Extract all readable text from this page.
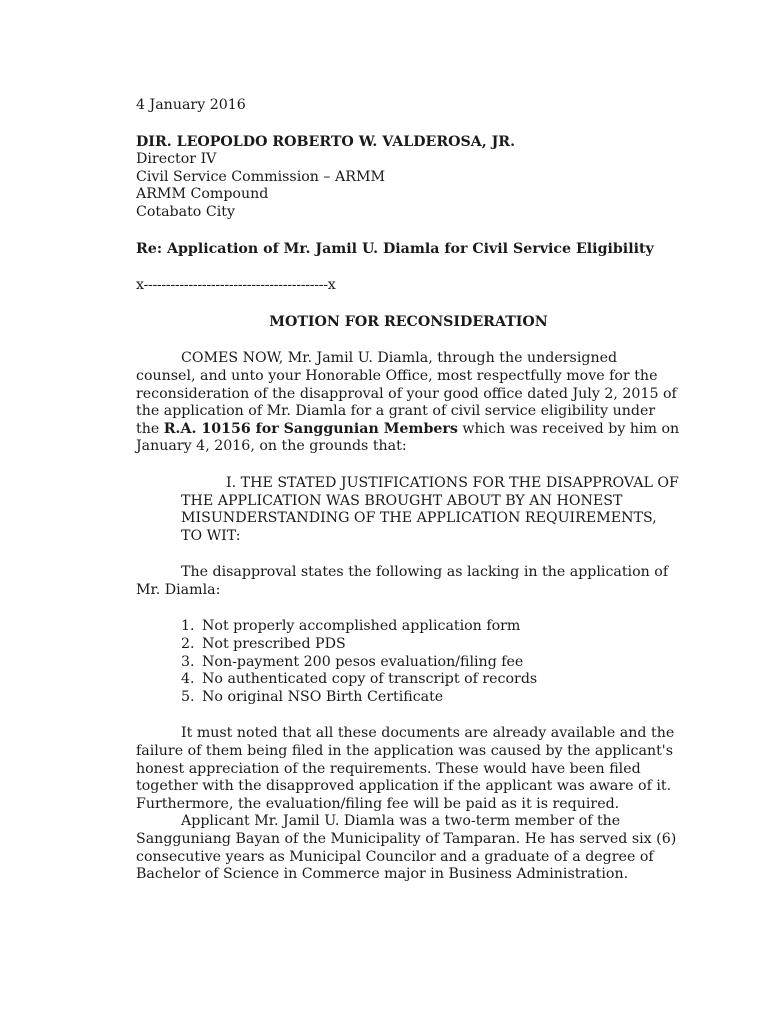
4 January 2016

DIR. LEOPOLDO ROBERTO W. VALDEROSA, JR.

Director IV

Civil Service Commission – ARMM

ARMM Compound

Cotabato City

Re: Application of Mr. Jamil U. Diamla for Civil Service Eligibility

x-----------------------------------------x

MOTION FOR RECONSIDERATION

COMES NOW, Mr. Jamil U. Diamla, through the undersigned counsel, and unto your Honorable Office, most respectfully move for the reconsideration of the disapproval of your good office dated July 2, 2015 of the application of Mr. Diamla for a grant of civil service eligibility under the R.A. 10156 for Sanggunian Members which was received by him on January 4, 2016, on the grounds that:

I. THE STATED JUSTIFICATIONS FOR THE DISAPPROVAL OF THE APPLICATION WAS BROUGHT ABOUT BY AN HONEST MISUNDERSTANDING OF THE APPLICATION REQUIREMENTS, TO WIT:

The disapproval states the following as lacking in the application of Mr. Diamla:

1. Not properly accomplished application form
2. Not prescribed PDS
3. Non-payment 200 pesos evaluation/filing fee
4. No authenticated copy of transcript of records
5. No original NSO Birth Certificate

It must noted that all these documents are already available and the failure of them being filed in the application was caused by the applicant's honest appreciation of the requirements. These would have been filed together with the disapproved application if the applicant was aware of it. Furthermore, the evaluation/filing fee will be paid as it is required.

Applicant Mr. Jamil U. Diamla was a two-term member of the Sangguniang Bayan of the Municipality of Tamparan. He has served six (6) consecutive years as Municipal Councilor and a graduate of a degree of Bachelor of Science in Commerce major in Business Administration.
